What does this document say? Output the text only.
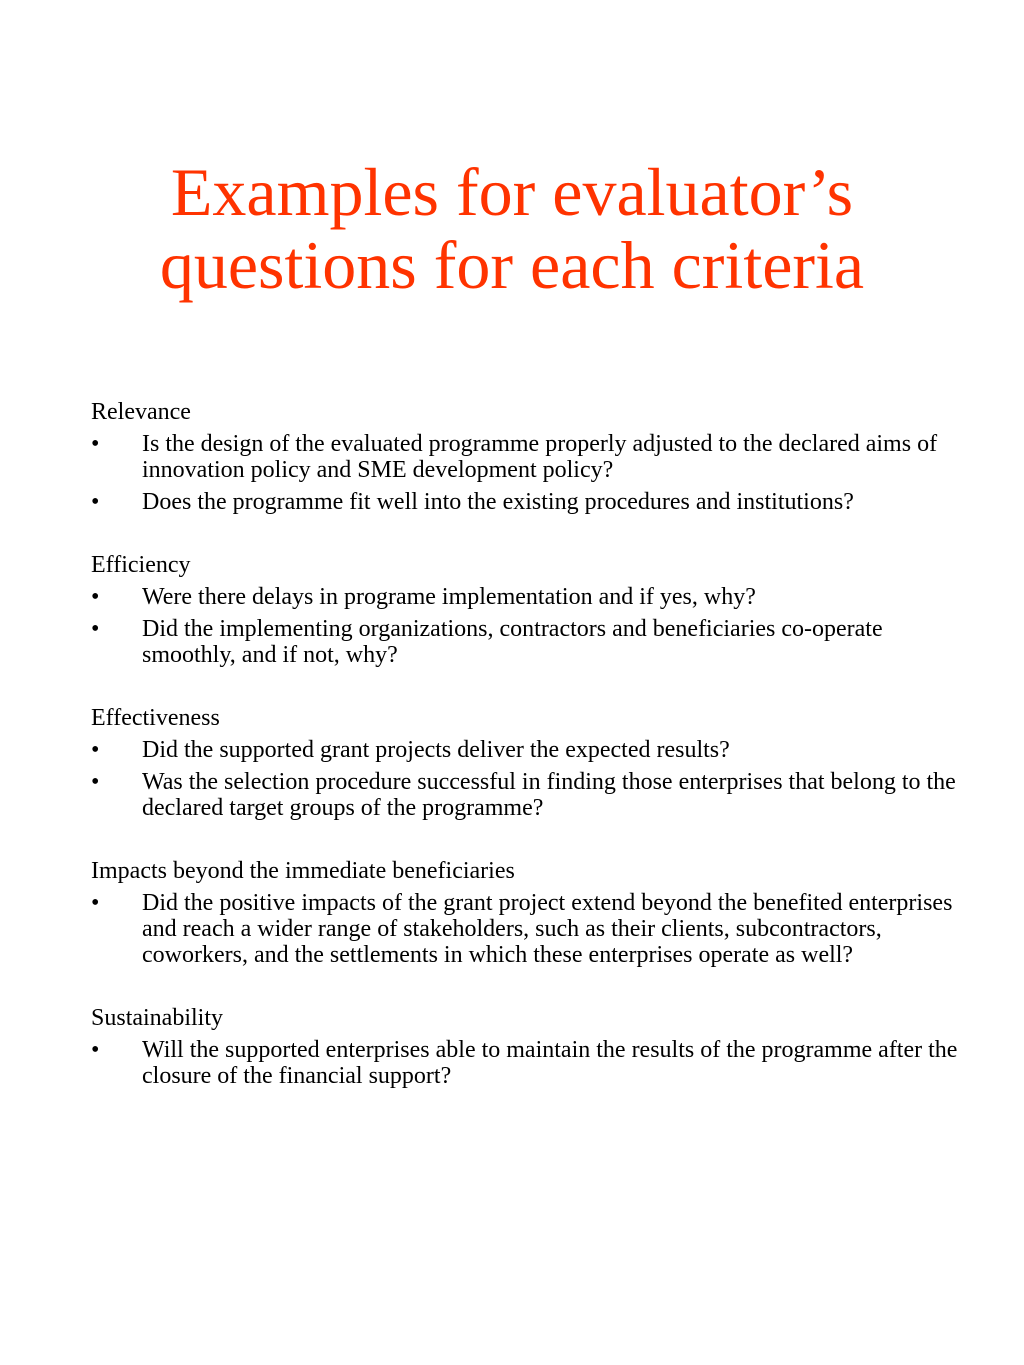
Examples for evaluator’s
questions for each criteria
Relevance
• Is the design of the evaluated programme properly adjusted to the declared aims of innovation policy and SME development policy?
• Does the programme fit well into the existing procedures and institutions?
Efficiency
• Were there delays in programe implementation and if yes, why?
• Did the implementing organizations, contractors and beneficiaries co-operate smoothly, and if not, why?
Effectiveness
• Did the supported grant projects deliver the expected results?
• Was the selection procedure successful in finding those enterprises that belong to the declared target groups of the programme?
Impacts beyond the immediate beneficiaries
• Did the positive impacts of the grant project extend beyond the benefited enterprises and reach a wider range of stakeholders, such as their clients, subcontractors, coworkers, and the settlements in which these enterprises operate as well?
Sustainability
• Will the supported enterprises able to maintain the results of the programme after the closure of the financial support?
